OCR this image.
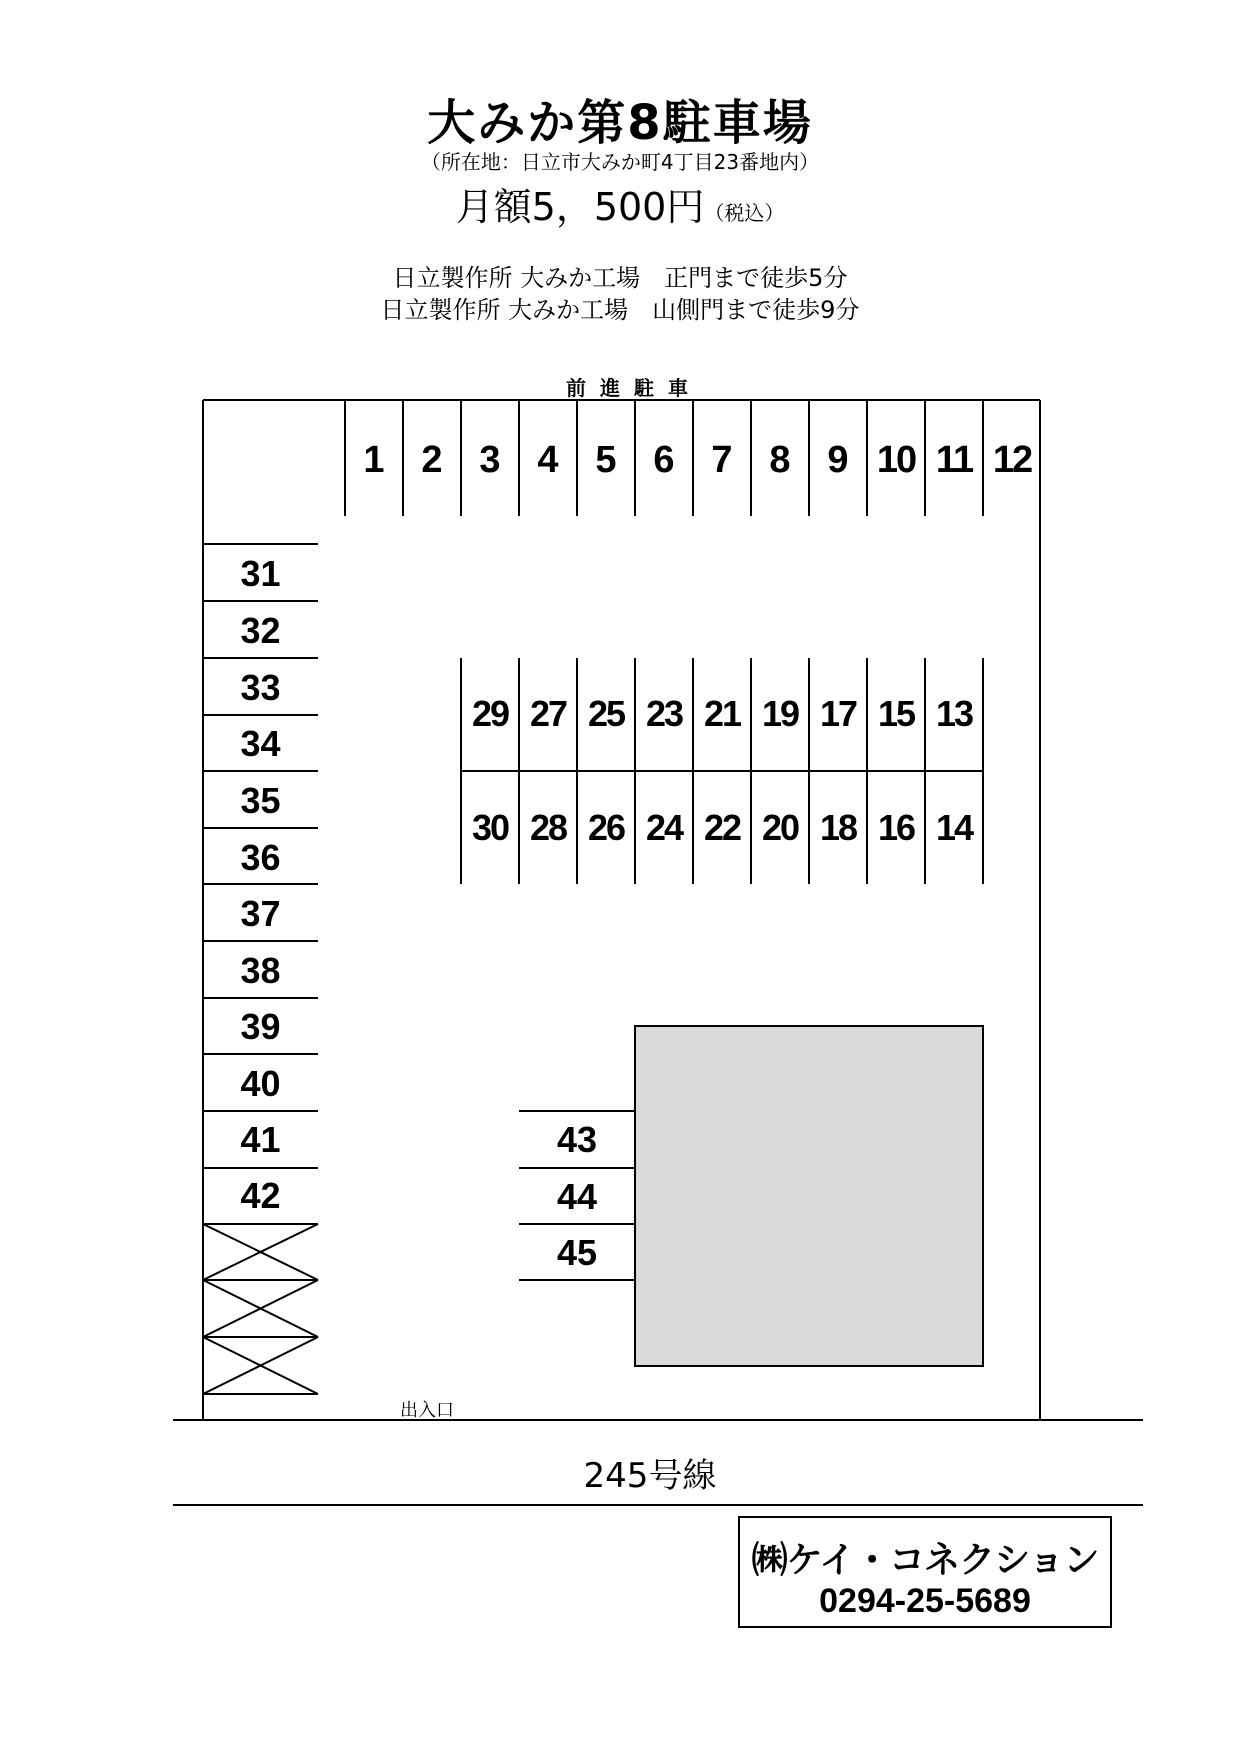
大みか第8駐車場
（所在地：日立市大みか町4丁目23番地内）
月額5，500円（税込）
日立製作所 大みか工場　正門まで徒歩5分
日立製作所 大みか工場　山側門まで徒歩9分
前進駐車
1 2 3 4 5 6 7 8 9 10 11 12
29 27 25 23 21 19 17 15 13
30 28 26 24 22 20 18 16 14
31
32
33
34
35
36
37
38
39
40
41
42
43
44
45
出入口
245号線
㈱ケイ・コネクション
0294-25-5689
